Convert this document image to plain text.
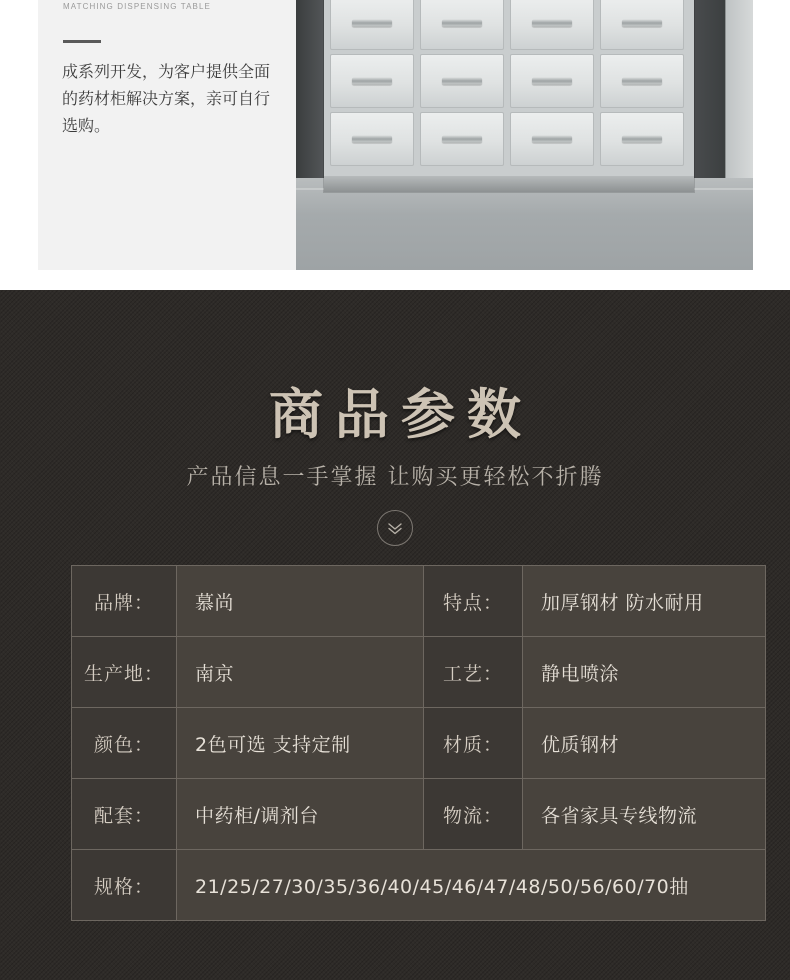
MATCHING DISPENSING TABLE
成系列开发，为客户提供全面的药材柜解决方案，亲可自行选购。
商品参数
产品信息一手掌握 让购买更轻松不折腾
品牌：	慕尚	特点：	加厚钢材 防水耐用
生产地：	南京	工艺：	静电喷涂
颜色：	2色可选 支持定制	材质：	优质钢材
配套：	中药柜/调剂台	物流：	各省家具专线物流
规格：	21/25/27/30/35/36/40/45/46/47/48/50/56/60/70抽		
